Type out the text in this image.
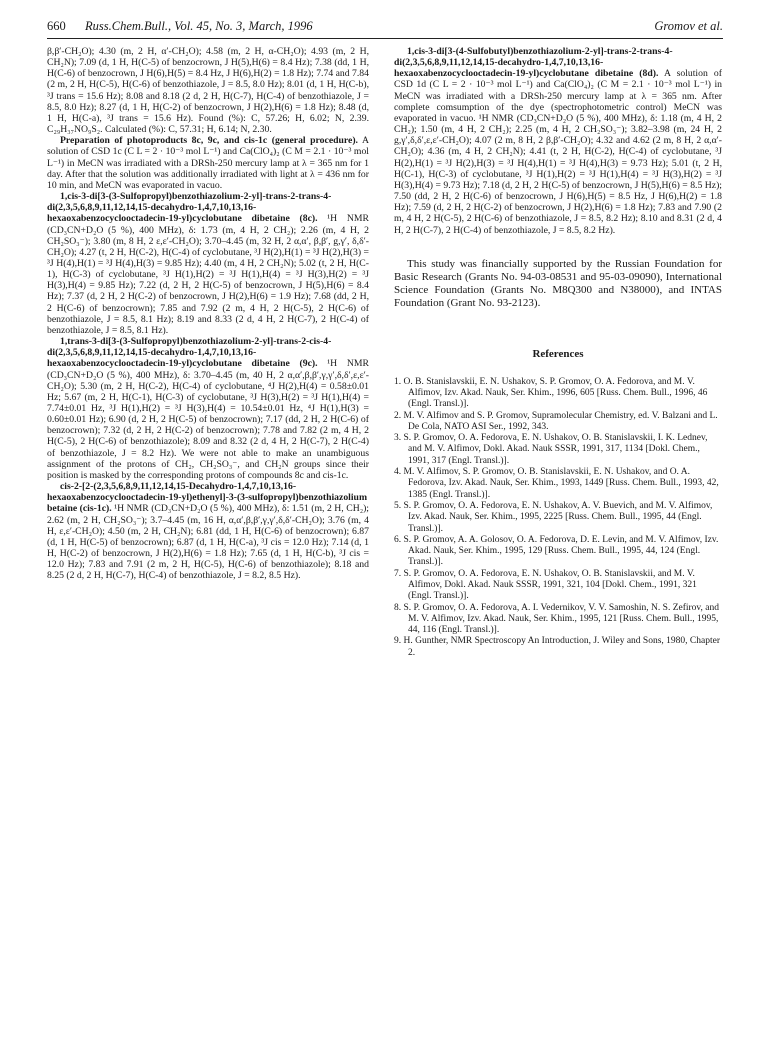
660 Russ.Chem.Bull., Vol. 45, No. 3, March, 1996	Gromov et al.

β,β′-CH₂O); 4.30 (m, 2 H, α′-CH₂O); 4.58 (m, 2 H, α-CH₂O); 4.93 (m, 2 H, CH₂N); 7.09 (d, 1 H, H(C-5) of benzocrown, J H(5),H(6) = 8.4 Hz); 7.38 (dd, 1 H, H(C-6) of benzocrown, J H(6),H(5) = 8.4 Hz, J H(6),H(2) = 1.8 Hz); 7.74 and 7.84 (2 m, 2 H, H(C-5), H(C-6) of benzothiazole, J = 8.5, 8.0 Hz); 8.01 (d, 1 H, H(C-b), ³J trans = 15.6 Hz); 8.08 and 8.18 (2 d, 2 H, H(C-7), H(C-4) of benzothiazole, J = 8.5, 8.0 Hz); 8.27 (d, 1 H, H(C-2) of benzocrown, J H(2),H(6) = 1.8 Hz); 8.48 (d, 1 H, H(C-a), ³J trans = 15.6 Hz). Found (%): C, 57.26; H, 6.02; N, 2.39. C₂₉H₃₇NO₉S₂. Calculated (%): C, 57.31; H, 6.14; N, 2.30.

Preparation of photoproducts 8c, 9c, and cis-1c (general procedure). A solution of CSD 1c (C L = 2 · 10⁻³ mol L⁻¹) and Ca(ClO₄)₂ (C M = 2.1 · 10⁻³ mol L⁻¹) in MeCN was irradiated with a DRSh-250 mercury lamp at λ = 365 nm for 1 day. After that the solution was additionally irradiated with light at λ = 436 nm for 10 min, and MeCN was evaporated in vacuo.

1,cis-3-di[3-(3-Sulfopropyl)benzothiazolium-2-yl]-trans-2-trans-4-di(2,3,5,6,8,9,11,12,14,15-decahydro-1,4,7,10,13,16-hexaoxabenzocyclooctadecin-19-yl)cyclobutane dibetaine (8c). ¹H NMR (CD₃CN+D₂O (5 %), 400 MHz), δ: 1.73 (m, 4 H, 2 CH₂); 2.26 (m, 4 H, 2 CH₂SO₃⁻); 3.80 (m, 8 H, 2 ε,ε′-CH₂O); 3.70–4.45 (m, 32 H, 2 α,α′, β,β′, g,γ′, δ,δ′-CH₂O); 4.27 (t, 2 H, H(C-2), H(C-4) of cyclobutane, ³J H(2),H(1) = ³J H(2),H(3) = ³J H(4),H(1) = ³J H(4),H(3) = 9.85 Hz); 4.40 (m, 4 H, 2 CH₂N); 5.02 (t, 2 H, H(C-1), H(C-3) of cyclobutane, ³J H(1),H(2) = ³J H(1),H(4) = ³J H(3),H(2) = ³J H(3),H(4) = 9.85 Hz); 7.22 (d, 2 H, 2 H(C-5) of benzocrown, J H(5),H(6) = 8.4 Hz); 7.37 (d, 2 H, 2 H(C-2) of benzocrown, J H(2),H(6) = 1.9 Hz); 7.68 (dd, 2 H, 2 H(C-6) of benzocrown); 7.85 and 7.92 (2 m, 4 H, 2 H(C-5), 2 H(C-6) of benzothiazole, J = 8.5, 8.1 Hz); 8.19 and 8.33 (2 d, 4 H, 2 H(C-7), 2 H(C-4) of benzothiazole, J = 8.5, 8.1 Hz).

1,trans-3-di[3-(3-Sulfopropyl)benzothiazolium-2-yl]-trans-2-cis-4-di(2,3,5,6,8,9,11,12,14,15-decahydro-1,4,7,10,13,16-hexaoxabenzocyclooctadecin-19-yl)cyclobutane dibetaine (9c). ¹H NMR (CD₃CN+D₂O (5 %), 400 MHz), δ: 3.70–4.45 (m, 40 H, 2 α,α′,β,β′,γ,γ′,δ,δ′,ε,ε′-CH₂O); 5.30 (m, 2 H, H(C-2), H(C-4) of cyclobutane, ⁴J H(2),H(4) = 0.58±0.01 Hz; 5.67 (m, 2 H, H(C-1), H(C-3) of cyclobutane, ³J H(3),H(2) = ³J H(1),H(4) = 7.74±0.01 Hz, ³J H(1),H(2) = ³J H(3),H(4) = 10.54±0.01 Hz, ⁴J H(1),H(3) = 0.60±0.01 Hz); 6.90 (d, 2 H, 2 H(C-5) of benzocrown); 7.17 (dd, 2 H, 2 H(C-6) of benzocrown); 7.32 (d, 2 H, 2 H(C-2) of benzocrown); 7.78 and 7.82 (2 m, 4 H, 2 H(C-5), 2 H(C-6) of benzothiazole); 8.09 and 8.32 (2 d, 4 H, 2 H(C-7), 2 H(C-4) of benzothiazole, J = 8.2 Hz). We were not able to make an unambiguous assignment of the protons of CH₂, CH₂SO₃⁻, and CH₂N groups since their position is masked by the corresponding protons of compounds 8c and cis-1c.

cis-2-[2-(2,3,5,6,8,9,11,12,14,15-Decahydro-1,4,7,10,13,16-hexaoxabenzocyclooctadecin-19-yl)ethenyl]-3-(3-sulfopropyl)benzothiazolium betaine (cis-1c). ¹H NMR (CD₃CN+D₂O (5 %), 400 MHz), δ: 1.51 (m, 2 H, CH₂); 2.62 (m, 2 H, CH₂SO₃⁻); 3.7–4.45 (m, 16 H, α,α′,β,β′,γ,γ′,δ,δ′-CH₂O); 3.76 (m, 4 H, ε,ε′-CH₂O); 4.50 (m, 2 H, CH₂N); 6.81 (dd, 1 H, H(C-6) of benzocrown); 6.87 (d, 1 H, H(C-5) of benzocrown); 6.87 (d, 1 H, H(C-a), ³J cis = 12.0 Hz); 7.14 (d, 1 H, H(C-2) of benzocrown, J H(2),H(6) = 1.8 Hz); 7.65 (d, 1 H, H(C-b), ³J cis = 12.0 Hz); 7.83 and 7.91 (2 m, 2 H, H(C-5), H(C-6) of benzothiazole); 8.18 and 8.25 (2 d, 2 H, H(C-7), H(C-4) of benzothiazole, J = 8.2, 8.5 Hz).

1,cis-3-di[3-(4-Sulfobutyl)benzothiazolium-2-yl]-trans-2-trans-4-di(2,3,5,6,8,9,11,12,14,15-decahydro-1,4,7,10,13,16-hexaoxabenzocyclooctadecin-19-yl)cyclobutane dibetaine (8d). A solution of CSD 1d (C L = 2 · 10⁻³ mol L⁻¹) and Ca(ClO₄)₂ (C M = 2.1 · 10⁻³ mol L⁻¹) in MeCN was irradiated with a DRSh-250 mercury lamp at λ = 365 nm. After complete comsumption of the dye (spectrophotometric control) MeCN was evaporated in vacuo. ¹H NMR (CD₃CN+D₂O (5 %), 400 MHz), δ: 1.18 (m, 4 H, 2 CH₂); 1.50 (m, 4 H, 2 CH₂); 2.25 (m, 4 H, 2 CH₂SO₃⁻); 3.82–3.98 (m, 24 H, 2 g,γ′,δ,δ′,ε,ε′-CH₂O); 4.07 (2 m, 8 H, 2 β,β′-CH₂O); 4.32 and 4.62 (2 m, 8 H, 2 α,α′-CH₂O); 4.36 (m, 4 H, 2 CH₂N); 4.41 (t, 2 H, H(C-2), H(C-4) of cyclobutane, ³J H(2),H(1) = ³J H(2),H(3) = ³J H(4),H(1) = ³J H(4),H(3) = 9.73 Hz); 5.01 (t, 2 H, H(C-1), H(C-3) of cyclobutane, ³J H(1),H(2) = ³J H(1),H(4) = ³J H(3),H(2) = ³J H(3),H(4) = 9.73 Hz); 7.18 (d, 2 H, 2 H(C-5) of benzocrown, J H(5),H(6) = 8.5 Hz); 7.50 (dd, 2 H, 2 H(C-6) of benzocrown, J H(6),H(5) = 8.5 Hz, J H(6),H(2) = 1.8 Hz); 7.59 (d, 2 H, 2 H(C-2) of benzocrown, J H(2),H(6) = 1.8 Hz); 7.83 and 7.90 (2 m, 4 H, 2 H(C-5), 2 H(C-6) of benzothiazole, J = 8.5, 8.2 Hz); 8.10 and 8.31 (2 d, 4 H, 2 H(C-7), 2 H(C-4) of benzothiazole, J = 8.5, 8.2 Hz).

This study was financially supported by the Russian Foundation for Basic Research (Grants No. 94-03-08531 and 95-03-09090), International Science Foundation (Grants No. M8Q300 and N38000), and INTAS Foundation (Grant No. 93-2123).

References
1. O. B. Stanislavskii, E. N. Ushakov, S. P. Gromov, O. A. Fedorova, and M. V. Alfimov, Izv. Akad. Nauk, Ser. Khim., 1996, 605 [Russ. Chem. Bull., 1996, 46 (Engl. Transl.)].
2. M. V. Alfimov and S. P. Gromov, Supramolecular Chemistry, ed. V. Balzani and L. De Cola, NATO ASI Ser., 1992, 343.
3. S. P. Gromov, O. A. Fedorova, E. N. Ushakov, O. B. Stanislavskii, I. K. Lednev, and M. V. Alfimov, Dokl. Akad. Nauk SSSR, 1991, 317, 1134 [Dokl. Chem., 1991, 317 (Engl. Transl.)].
4. M. V. Alfimov, S. P. Gromov, O. B. Stanislavskii, E. N. Ushakov, and O. A. Fedorova, Izv. Akad. Nauk, Ser. Khim., 1993, 1449 [Russ. Chem. Bull., 1993, 42, 1385 (Engl. Transl.)].
5. S. P. Gromov, O. A. Fedorova, E. N. Ushakov, A. V. Buevich, and M. V. Alfimov, Izv. Akad. Nauk, Ser. Khim., 1995, 2225 [Russ. Chem. Bull., 1995, 44 (Engl. Transl.)].
6. S. P. Gromov, A. A. Golosov, O. A. Fedorova, D. E. Levin, and M. V. Alfimov, Izv. Akad. Nauk, Ser. Khim., 1995, 129 [Russ. Chem. Bull., 1995, 44, 124 (Engl. Transl.)].
7. S. P. Gromov, O. A. Fedorova, E. N. Ushakov, O. B. Stanislavskii, and M. V. Alfimov, Dokl. Akad. Nauk SSSR, 1991, 321, 104 [Dokl. Chem., 1991, 321 (Engl. Transl.)].
8. S. P. Gromov, O. A. Fedorova, A. I. Vedernikov, V. V. Samoshin, N. S. Zefirov, and M. V. Alfimov, Izv. Akad. Nauk, Ser. Khim., 1995, 121 [Russ. Chem. Bull., 1995, 44, 116 (Engl. Transl.)].
9. H. Gunther, NMR Spectroscopy An Introduction, J. Wiley and Sons, 1980, Chapter 2.
